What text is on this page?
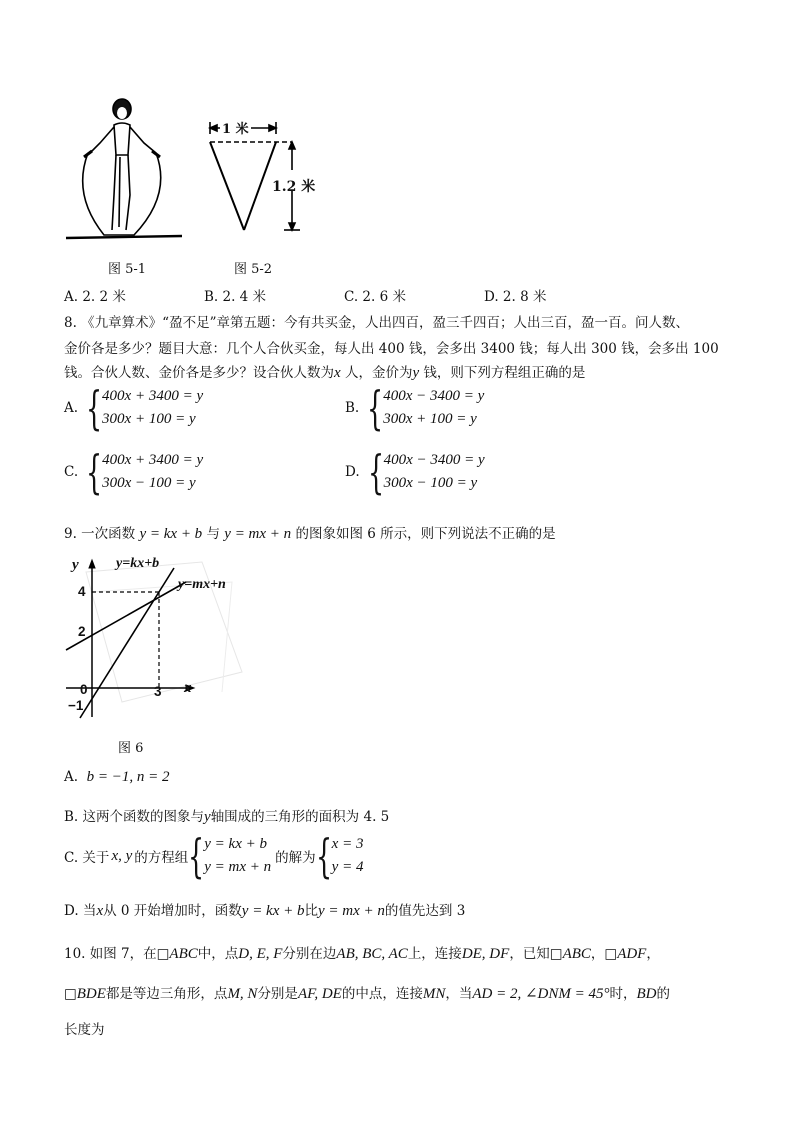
1 米
1.2 米
图 5-1	图 5-2
A. 2. 2 米	B. 2. 4 米	C. 2. 6 米	D. 2. 8 米
8. 《九章算术》“盈不足”章第五题：今有共买金，人出四百，盈三千四百；人出三百，盈一百。问人数、
金价各是多少？题目大意：几个人合伙买金，每人出 400 钱，会多出 3400 钱；每人出 300 钱，会多出 100
钱。合伙人数、金价各是多少？设合伙人数为x 人，金价为y 钱，则下列方程组正确的是
A. { 400x + 3400 = y
300x + 100 = y
B. { 400x − 3400 = y
300x + 100 = y
C. { 400x + 3400 = y
300x − 100 = y
D. { 400x − 3400 = y
300x − 100 = y
9. 一次函数 y = kx + b 与 y = mx + n 的图象如图 6 所示，则下列说法不正确的是
y=kx+b
y=mx+n
y
x
4
2
0
−1
3
图 6
A. b = −1, n = 2
B. 这两个函数的图象与y轴围成的三角形的面积为 4. 5
C. 关于 x, y 的方程组 { y = kx + b
y = mx + n
的解为 { x = 3
y = 4
D. 当x从 0 开始增加时，函数y = kx + b比y = mx + n的值先达到 3
10. 如图 7，在□ABC中，点D, E, F分别在边AB, BC, AC上，连接DE, DF，已知□ABC，□ADF，
□BDE都是等边三角形，点M, N分别是AF, DE的中点，连接MN，当AD = 2, ∠DNM = 45°时，BD的
长度为
